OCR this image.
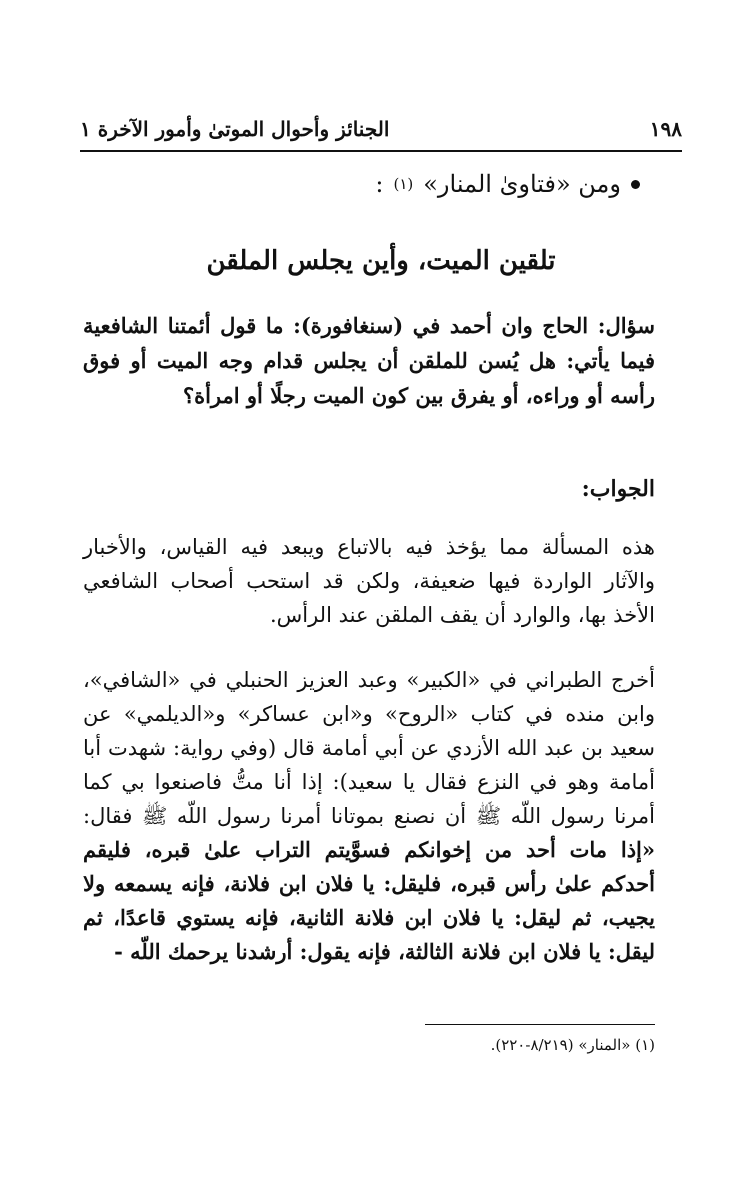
١٩٨
الجنائز وأحوال الموتىٰ وأمور الآخرة ١
ومن «فتاوىٰ المنار»
(١)
:
تلقين الميت، وأين يجلس الملقن
سؤال: الحاج وان أحمد في (سنغافورة): ما قول أئمتنا الشافعية فيما يأتي: هل يُسن للملقن أن يجلس قدام وجه الميت أو فوق رأسه أو وراءه، أو يفرق بين كون الميت رجلًا أو امرأة؟
الجواب:
هذه المسألة مما يؤخذ فيه بالاتباع ويبعد فيه القياس، والأخبار والآثار الواردة فيها ضعيفة، ولكن قد استحب أصحاب الشافعي الأخذ بها، والوارد أن يقف الملقن عند الرأس.
أخرج الطبراني في «الكبير» وعبد العزيز الحنبلي في «الشافي»، وابن منده في كتاب «الروح» و«ابن عساكر» و«الديلمي» عن سعيد بن عبد الله الأزدي عن أبي أمامة قال (وفي رواية: شهدت أبا أمامة وهو في النزع فقال يا سعيد): إذا أنا متُّ فاصنعوا بي كما أمرنا رسول اللّه ﷺ أن نصنع بموتانا أمرنا رسول اللّه ﷺ فقال: «إذا مات أحد من إخوانكم فسوَّيتم التراب علىٰ قبره، فليقم أحدكم علىٰ رأس قبره، فليقل: يا فلان ابن فلانة، فإنه يسمعه ولا يجيب، ثم ليقل: يا فلان ابن فلانة الثانية، فإنه يستوي قاعدًا، ثم ليقل: يا فلان ابن فلانة الثالثة، فإنه يقول: أرشدنا يرحمك اللّه -
(١) «المنار» (٨/٢١٩-٢٢٠).
